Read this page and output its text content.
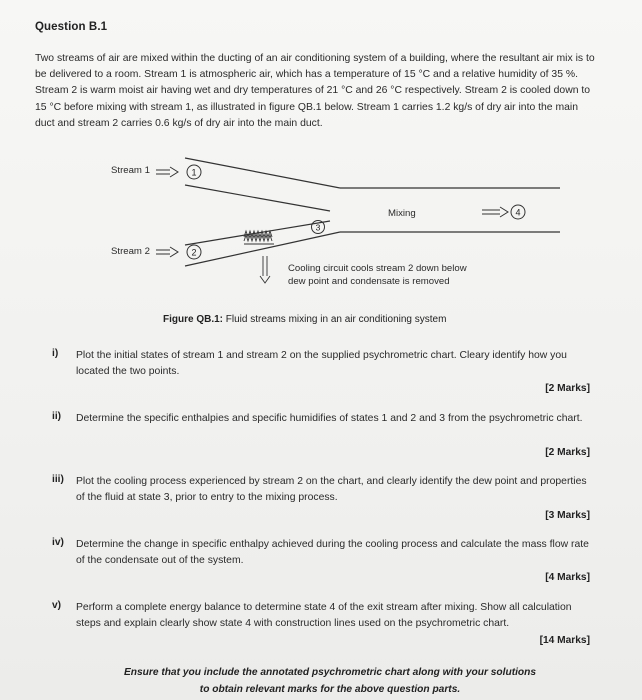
Question B.1

Two streams of air are mixed within the ducting of an air conditioning system of a building, where the resultant air mix is to be delivered to a room. Stream 1 is atmospheric air, which has a temperature of 15 °C and a relative humidity of 35 %. Stream 2 is warm moist air having wet and dry temperatures of 21 °C and 26 °C respectively. Stream 2 is cooled down to 15 °C before mixing with stream 1, as illustrated in figure QB.1 below. Stream 1 carries 1.2 kg/s of dry air into the main duct and stream 2 carries 0.6 kg/s of dry air into the main duct.

1
2
3
4
Stream 1
Stream 2
Mixing
Cooling circuit cools stream 2 down below
dew point and condensate is removed
Figure QB.1: Fluid streams mixing in an air conditioning system
i) Plot the initial states of stream 1 and stream 2 on the supplied psychrometric chart. Cleary identify how you located the two points.
[2 Marks]
ii) Determine the specific enthalpies and specific humidifies of states 1 and 2 and 3 from the psychrometric chart.
[2 Marks]
iii) Plot the cooling process experienced by stream 2 on the chart, and clearly identify the dew point and properties of the fluid at state 3, prior to entry to the mixing process.
[3 Marks]
iv) Determine the change in specific enthalpy achieved during the cooling process and calculate the mass flow rate of the condensate out of the system.
[4 Marks]
v) Perform a complete energy balance to determine state 4 of the exit stream after mixing. Show all calculation steps and explain clearly show state 4 with construction lines used on the psychrometric chart.
[14 Marks]
Ensure that you include the annotated psychrometric chart along with your solutions
to obtain relevant marks for the above question parts.
